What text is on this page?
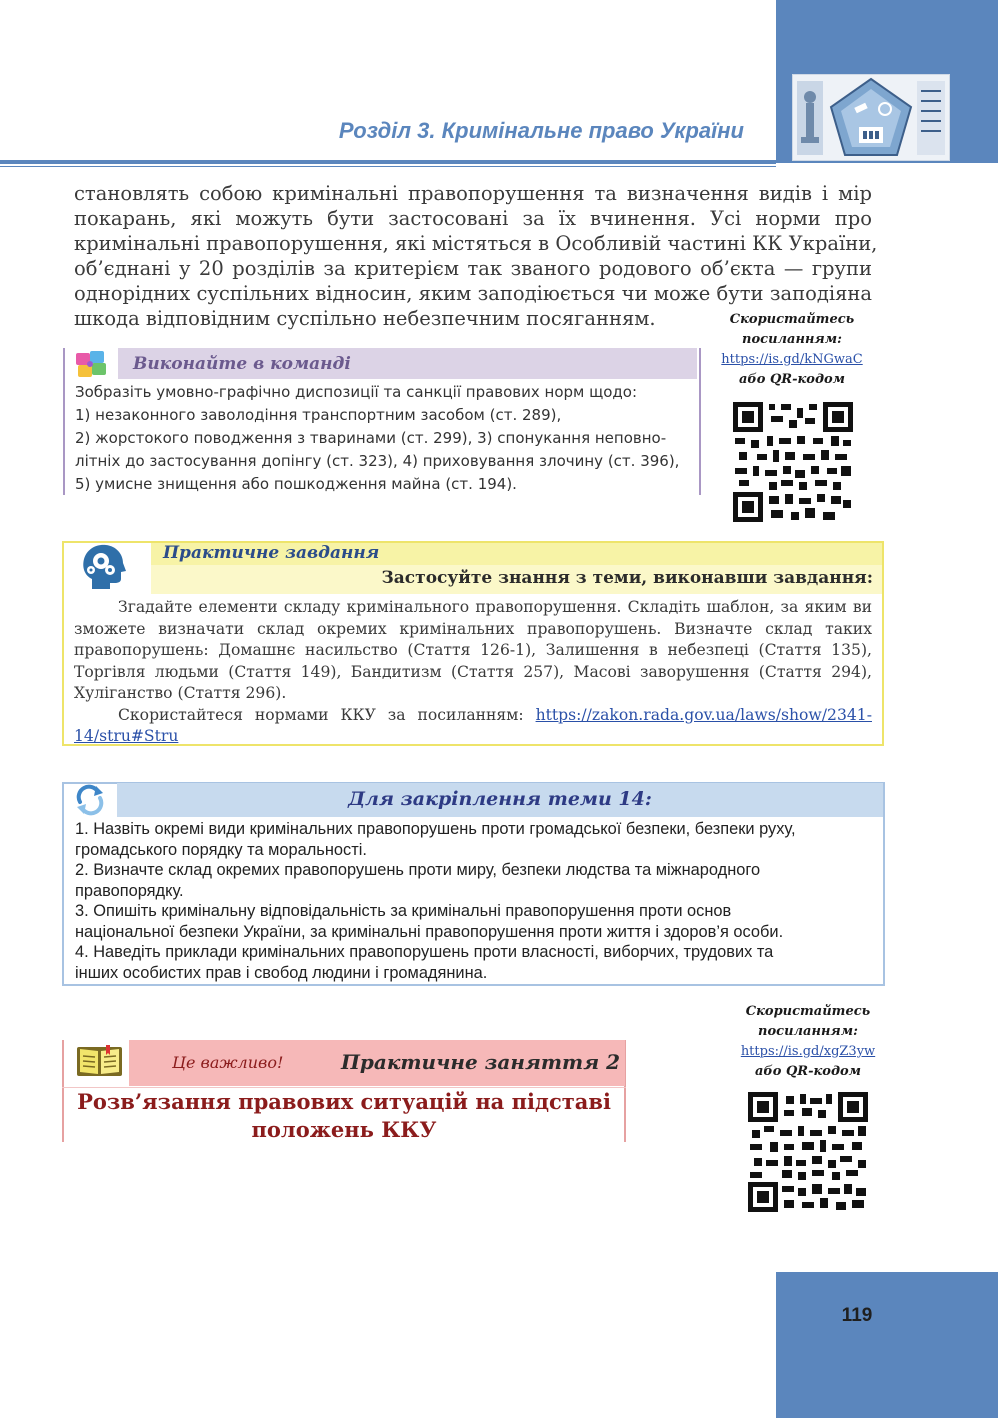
Розділ 3. Кримінальне право України
становлять собою кримінальні правопорушення та визначення видів і мір
покарань, які можуть бути застосовані за їх вчинення. Усі норми про
кримінальні правопорушення, які містяться в Особливій частині КК України,
об’єднані у 20 розділів за критерієм так званого родового об’єкта — групи
однорідних суспільних відносин, яким заподіюється чи може бути заподіяна
шкода відповідним суспільно небезпечним посяганням.	Скористайтесь
посиланням:
https://is.gd/kNGwaC
або QR-кодом
Виконайте в команді
Зобразіть умовно-графічно диспозиції та санкції правових норм щодо:
1) незаконного заволодіння транспортним засобом (ст. 289),
2) жорстокого поводження з тваринами (ст. 299), 3) спонукання неповно-
літніх до застосування допінгу (ст. 323), 4) приховування злочину (ст. 396),
5) умисне знищення або пошкодження майна (ст. 194).
Практичне завдання
Застосуйте знання з теми, виконавши завдання:
Згадайте елементи складу кримінального правопорушення. Складіть шаблон, за яким ви
зможете визначати склад окремих кримінальних правопорушень. Визначте склад таких
правопорушень: Домашнє насильство (Стаття 126-1), Залишення в небезпеці (Стаття 135),
Торгівля людьми (Стаття 149), Бандитизм (Стаття 257), Масові заворушення (Стаття 294),
Хуліганство (Стаття 296).
Скористайтеся нормами ККУ за посиланням: https://zakon.rada.gov.ua/laws/show/2341-
14/stru#Stru
Для закріплення теми 14:
1. Назвіть окремі види кримінальних правопорушень проти громадської безпеки, безпеки руху,
громадського порядку та моральності.
2. Визначте склад окремих правопорушень проти миру, безпеки людства та міжнародного
правопорядку.
3. Опишіть кримінальну відповідальність за кримінальні правопорушення проти основ
національної безпеки України, за кримінальні правопорушення проти життя і здоров’я особи.
4. Наведіть приклади кримінальних правопорушень проти власності, виборчих, трудових та
інших особистих прав і свобод людини і громадянина.
Скористайтесь
посиланням:
https://is.gd/xgZ3yw
або QR-кодом
Це важливо!	Практичне заняття 2
Розв’язання правових ситуацій на підставі
положень ККУ
119
